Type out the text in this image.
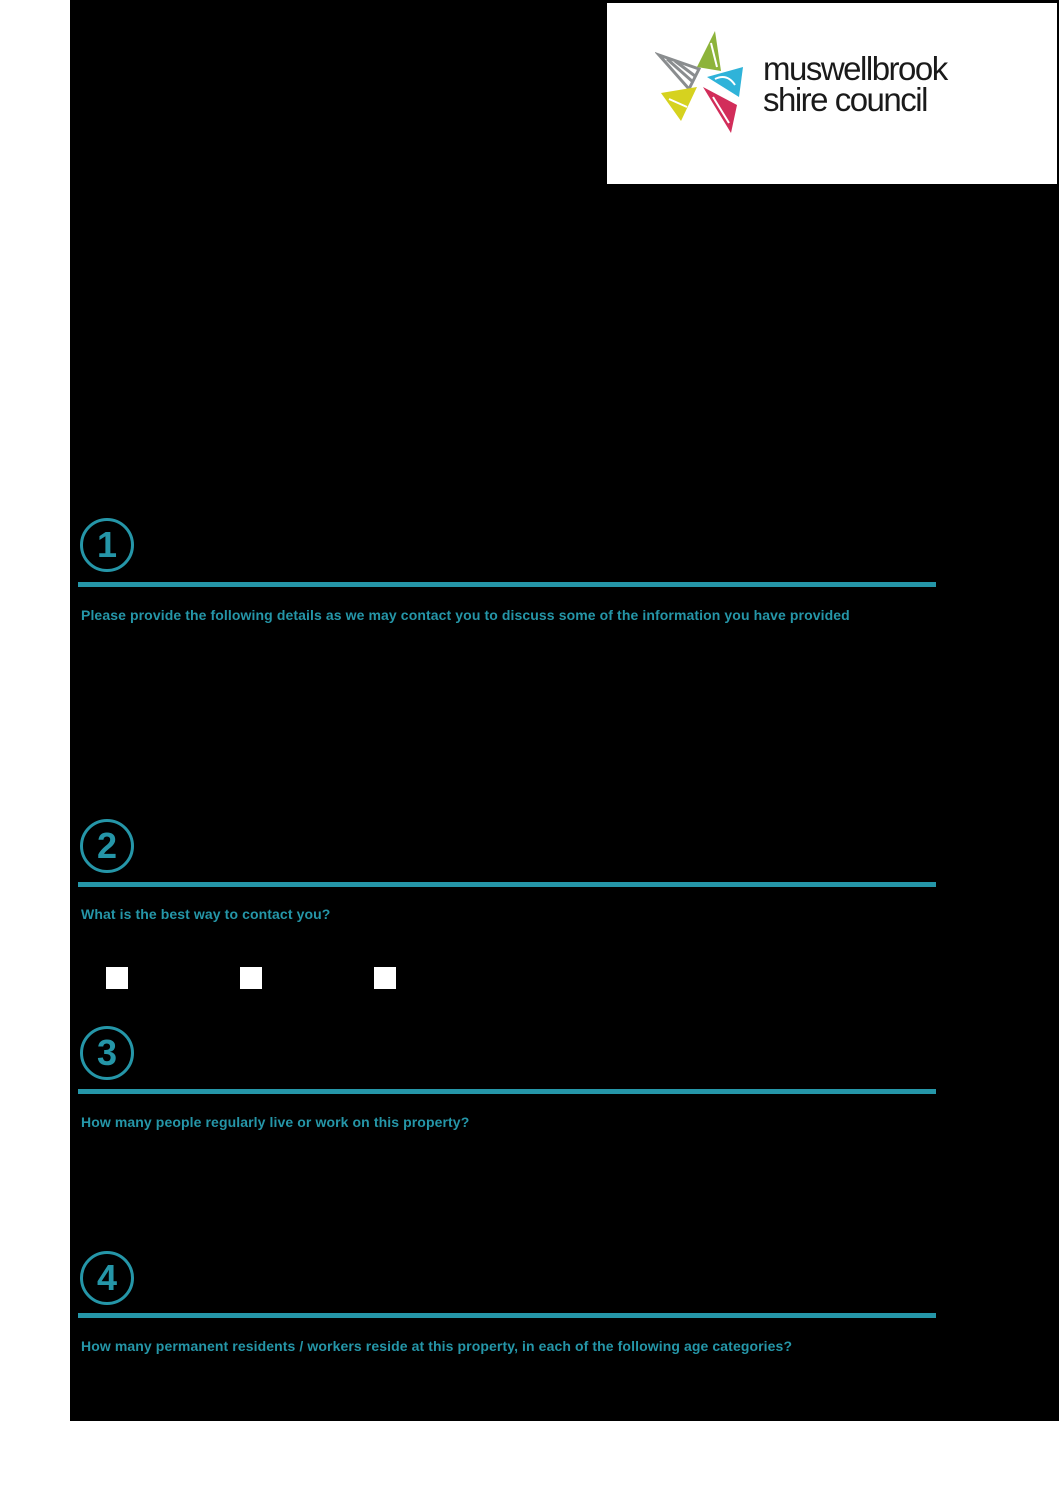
muswellbrook
shire council
1
Please provide the following details as we may contact you to discuss some of the information you have provided
2
What is the best way to contact you?
3
How many people regularly live or work on this property?
4
How many permanent residents / workers reside at this property, in each of the following age categories?
